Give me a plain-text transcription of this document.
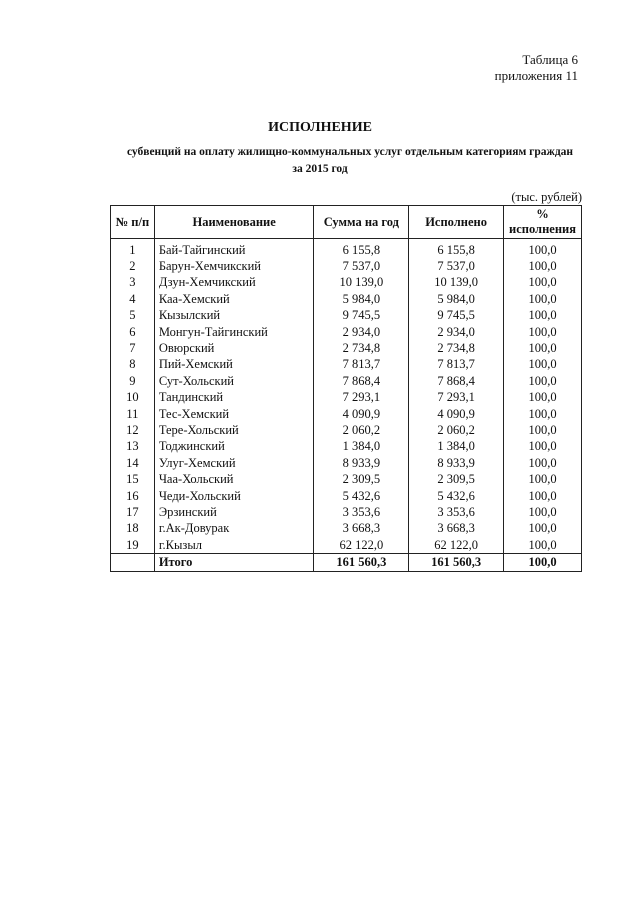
Таблица 6
приложения 11
ИСПОЛНЕНИЕ
субвенций на оплату жилищно-коммунальных услуг отдельным категориям граждан
за 2015 год
(тыс. рублей)
№ п/п	Наименование	Сумма на год	Исполнено	%
исполнения

1	Бай-Тайгинский	6 155,8	6 155,8	100,0
2	Барун-Хемчикский	7 537,0	7 537,0	100,0
3	Дзун-Хемчикский	10 139,0	10 139,0	100,0
4	Каа-Хемский	5 984,0	5 984,0	100,0
5	Кызылский	9 745,5	9 745,5	100,0
6	Монгун-Тайгинский	2 934,0	2 934,0	100,0
7	Овюрский	2 734,8	2 734,8	100,0
8	Пий-Хемский	7 813,7	7 813,7	100,0
9	Сут-Хольский	7 868,4	7 868,4	100,0
10	Тандинский	7 293,1	7 293,1	100,0
11	Тес-Хемский	4 090,9	4 090,9	100,0
12	Тере-Хольский	2 060,2	2 060,2	100,0
13	Тоджинский	1 384,0	1 384,0	100,0
14	Улуг-Хемский	8 933,9	8 933,9	100,0
15	Чаа-Хольский	2 309,5	2 309,5	100,0
16	Чеди-Хольский	5 432,6	5 432,6	100,0
17	Эрзинский	3 353,6	3 353,6	100,0
18	г.Ак-Довурак	3 668,3	3 668,3	100,0
19	г.Кызыл	62 122,0	62 122,0	100,0
	Итого	161 560,3	161 560,3	100,0
